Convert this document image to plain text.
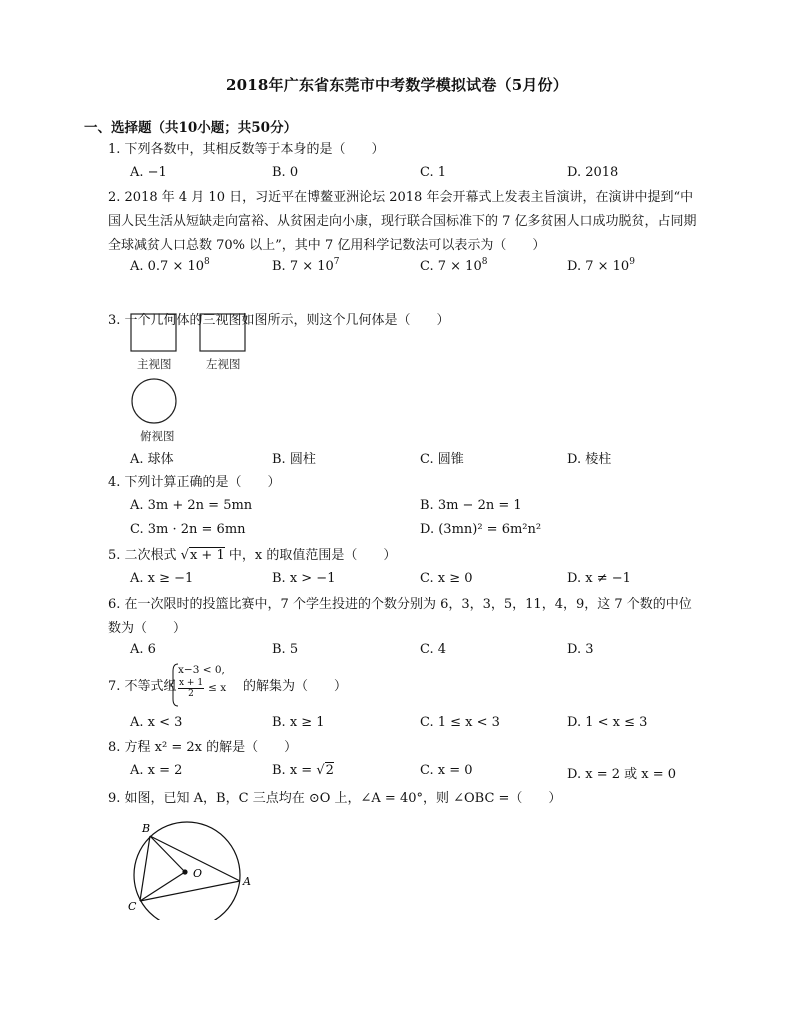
2018年广东省东莞市中考数学模拟试卷（5月份）
一、选择题（共10小题；共50分）
1. 下列各数中，其相反数等于本身的是（　　）
A. −1	B. 0	C. 1	D. 2018
2. 2018 年 4 月 10 日，习近平在博鳌亚洲论坛 2018 年会开幕式上发表主旨演讲，在演讲中提到“中国人民生活从短缺走向富裕、从贫困走向小康，现行联合国标准下的 7 亿多贫困人口成功脱贫，占同期全球减贫人口总数 70% 以上”，其中 7 亿用科学记数法可以表示为（　　）
A. $0.7 \times 10^8$	B. $7 \times 10^7$	C. $7 \times 10^8$	D. $7 \times 10^9$
3. 一个几何体的三视图如图所示，则这个几何体是（　　）
主视图	左视图
俯视图
A. 球体	B. 圆柱	C. 圆锥	D. 棱柱
4. 下列计算正确的是（　　）
A. 3m + 2n = 5mn	B. 3m − 2n = 1
C. 3m · 2n = 6mn	D. (3mn)² = 6m²n²
5. 二次根式 √x + 1 中，x 的取值范围是（　　）
A. x ≥ −1	B. x > −1	C. x ≥ 0	D. x ≠ −1
6. 在一次限时的投篮比赛中，7 个学生投进的个数分别为 6，3，3，5，11，4，9，这 7 个数的中位数为（　　）
A. 6	B. 5	C. 4	D. 3
7. 不等式组
x−3 < 0,
$\frac{x + 1}{2} \le x$ 的解集为（　　）
A. x < 3	B. x ≥ 1	C. 1 ≤ x < 3	D. 1 < x ≤ 3
8. 方程 x² = 2x 的解是（　　）
A. x = 2	B. x = √2	C. x = 0	D. x = 2 或 x = 0
9. 如图，已知 A，B，C 三点均在 ⊙O 上，∠A = 40°，则 ∠OBC =（　　）
B
O
A
C
